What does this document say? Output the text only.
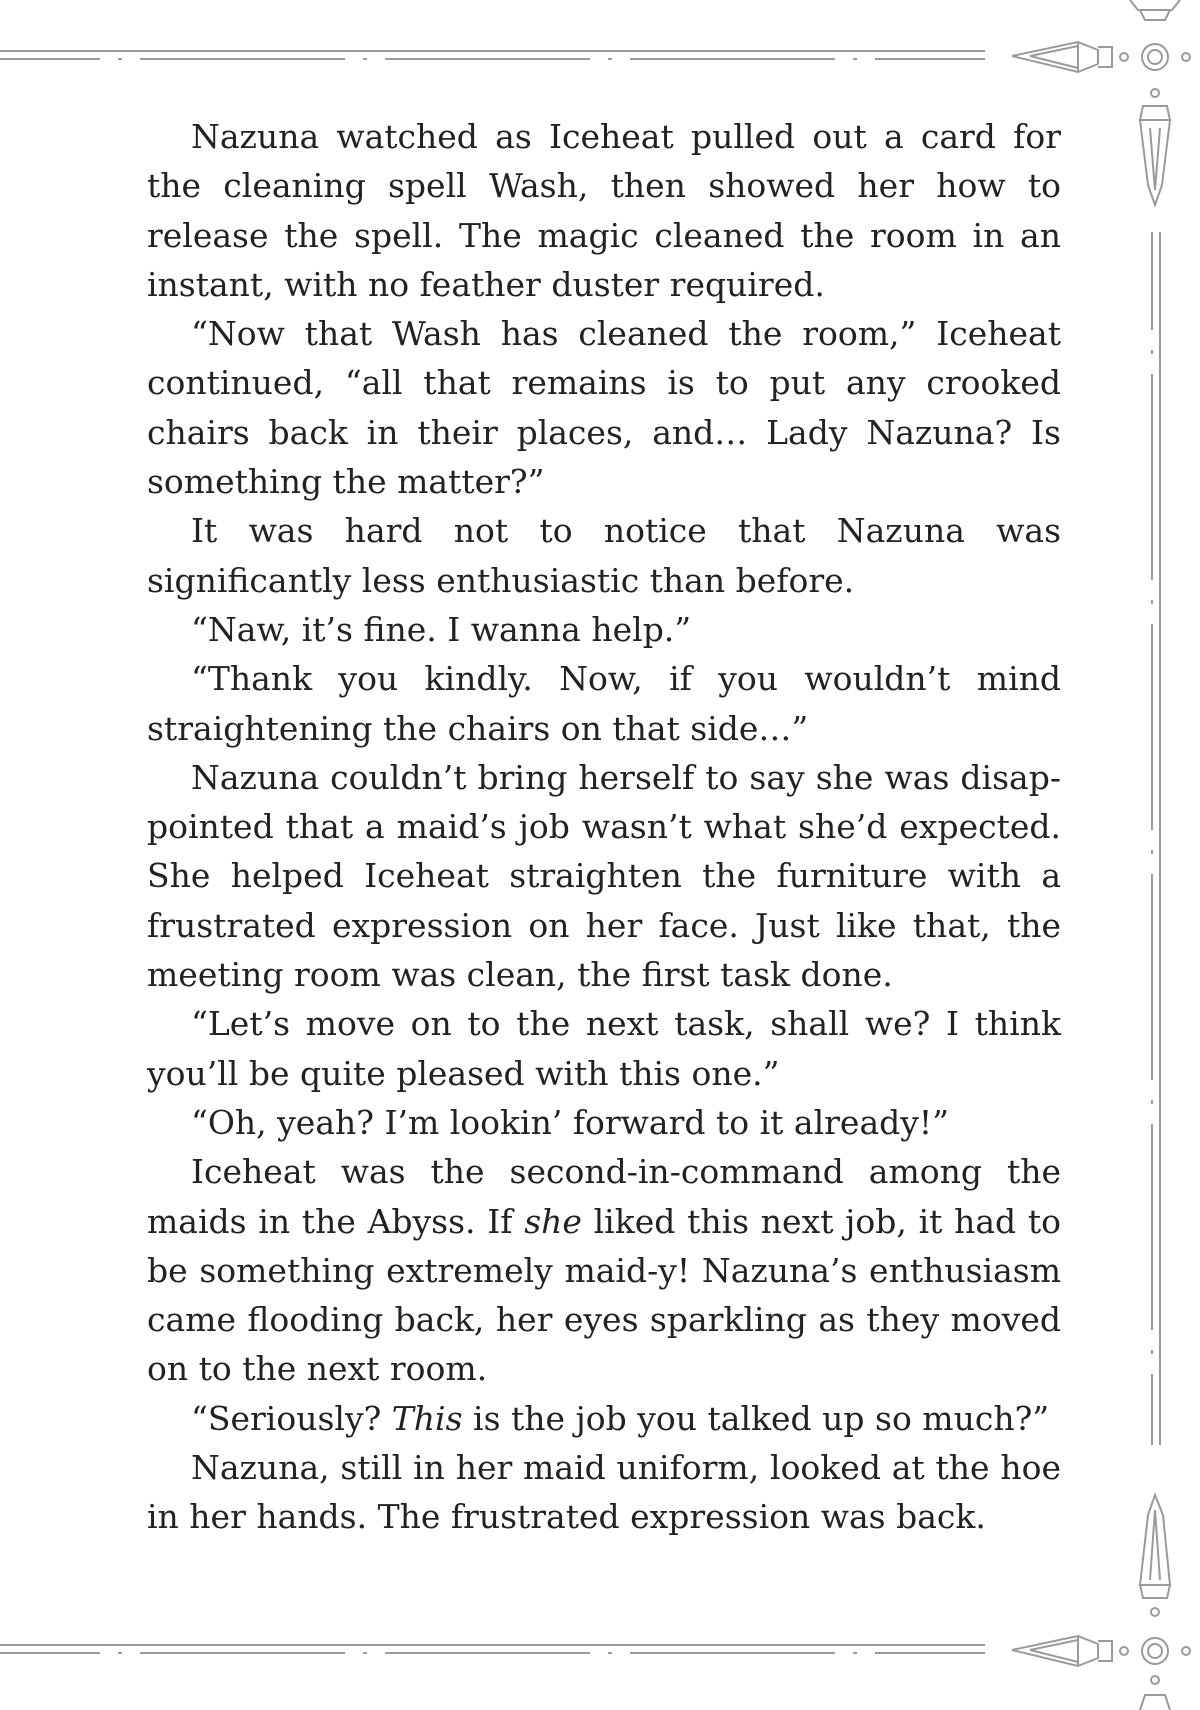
Nazuna watched as Iceheat pulled out a card for the cleaning spell Wash, then showed her how to release the spell. The magic cleaned the room in an instant, with no feather duster required.

“Now that Wash has cleaned the room,” Iceheat continued, “all that remains is to put any crooked chairs back in their places, and… Lady Nazuna? Is something the matter?”

It was hard not to notice that Nazuna was significantly less enthusiastic than before.

“Naw, it’s fine. I wanna help.”

“Thank you kindly. Now, if you wouldn’t mind straightening the chairs on that side…”

Nazuna couldn’t bring herself to say she was disappointed that a maid’s job wasn’t what she’d expected. She helped Iceheat straighten the furniture with a frustrated expression on her face. Just like that, the meeting room was clean, the first task done.

“Let’s move on to the next task, shall we? I think you’ll be quite pleased with this one.”

“Oh, yeah? I’m lookin’ forward to it already!”

Iceheat was the second-in-command among the maids in the Abyss. If she liked this next job, it had to be something extremely maid-y! Nazuna’s enthusiasm came flooding back, her eyes sparkling as they moved on to the next room.

“Seriously? This is the job you talked up so much?”

Nazuna, still in her maid uniform, looked at the hoe in her hands. The frustrated expression was back.
